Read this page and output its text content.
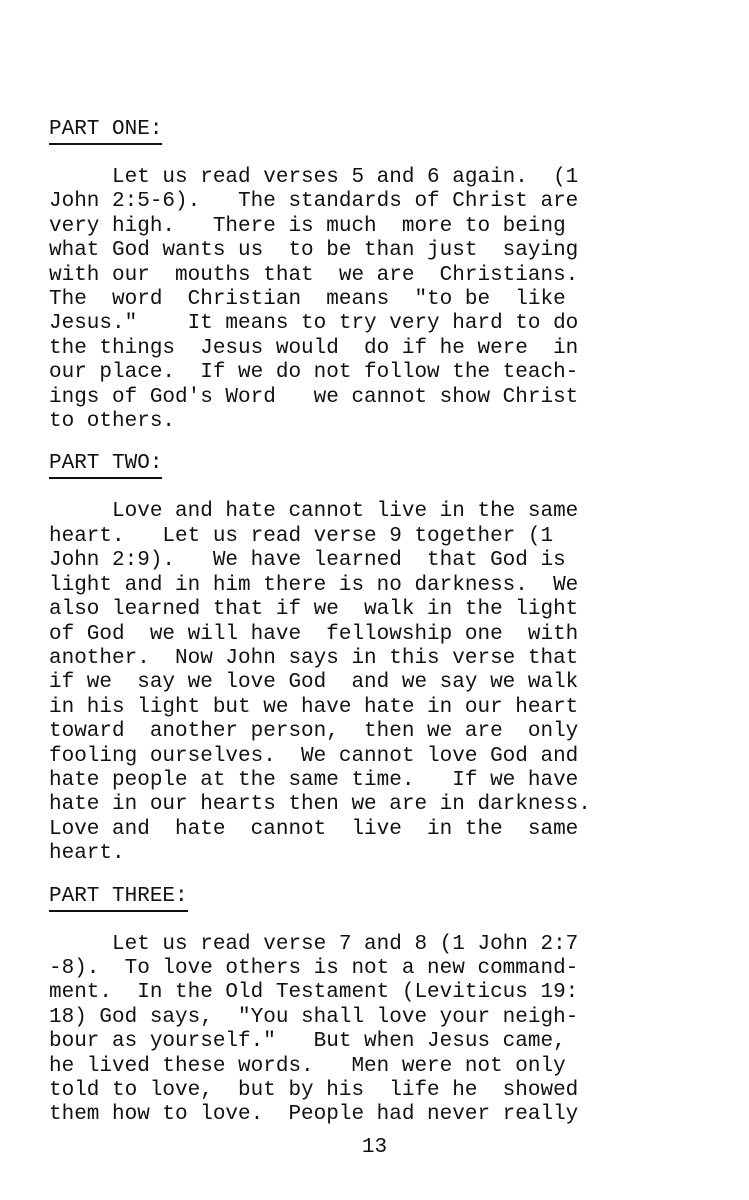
PART ONE:

Let us read verses 5 and 6 again.  (1
John 2:5-6).   The standards of Christ are
very high.   There is much  more to being
what God wants us  to be than just  saying
with our  mouths that  we are  Christians.
The  word  Christian  means  "to be  like
Jesus."    It means to try very hard to do
the things  Jesus would  do if he were  in
our place.  If we do not follow the teach-
ings of God's Word   we cannot show Christ
to others.

PART TWO:

Love and hate cannot live in the same
heart.   Let us read verse 9 together (1
John 2:9).   We have learned  that God is
light and in him there is no darkness.  We
also learned that if we  walk in the light
of God  we will have  fellowship one  with
another.  Now John says in this verse that
if we  say we love God  and we say we walk
in his light but we have hate in our heart
toward  another person,  then we are  only
fooling ourselves.  We cannot love God and
hate people at the same time.   If we have
hate in our hearts then we are in darkness.
Love and  hate  cannot  live  in the  same
heart.

PART THREE:

Let us read verse 7 and 8 (1 John 2:7
-8).  To love others is not a new command-
ment.  In the Old Testament (Leviticus 19:
18) God says,  "You shall love your neigh-
bour as yourself."   But when Jesus came,
he lived these words.   Men were not only
told to love,  but by his  life he  showed
them how to love.  People had never really

13
